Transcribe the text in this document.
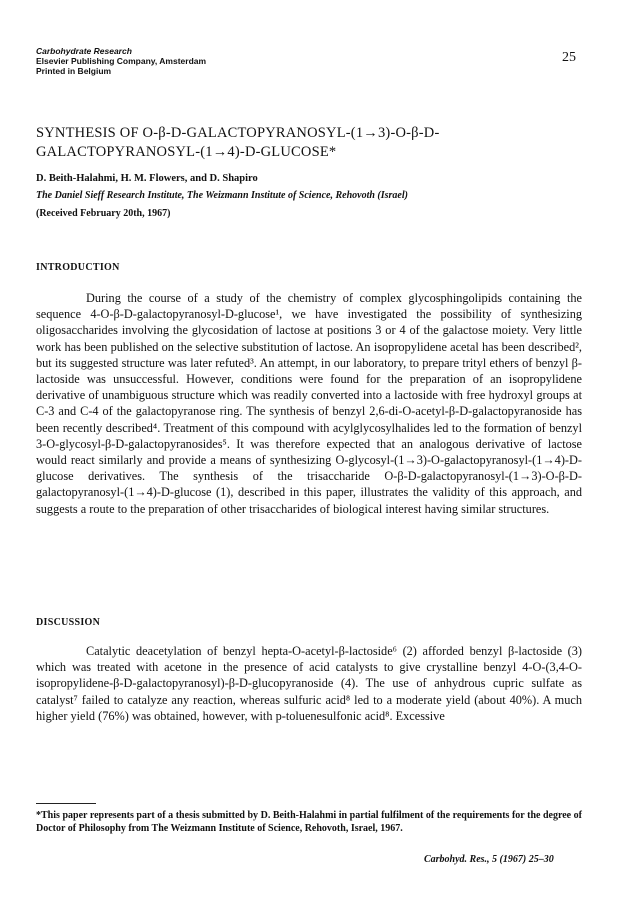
Carbohydrate Research
Elsevier Publishing Company, Amsterdam
Printed in Belgium
25
SYNTHESIS OF O-β-D-GALACTOPYRANOSYL-(1→3)-O-β-D-
GALACTOPYRANOSYL-(1→4)-D-GLUCOSE*
D. Beith-Halahmi, H. M. Flowers, and D. Shapiro
The Daniel Sieff Research Institute, The Weizmann Institute of Science, Rehovoth (Israel)
(Received February 20th, 1967)
INTRODUCTION

During the course of a study of the chemistry of complex glycosphingolipids containing the sequence 4-O-β-D-galactopyranosyl-D-glucose¹, we have investigated the possibility of synthesizing oligosaccharides involving the glycosidation of lactose at positions 3 or 4 of the galactose moiety. Very little work has been published on the selective substitution of lactose. An isopropylidene acetal has been described², but its suggested structure was later refuted³. An attempt, in our laboratory, to prepare trityl ethers of benzyl β-lactoside was unsuccessful. However, conditions were found for the preparation of an isopropylidene derivative of unambiguous structure which was readily converted into a lactoside with free hydroxyl groups at C-3 and C-4 of the galactopyranose ring. The synthesis of benzyl 2,6-di-O-acetyl-β-D-galactopyranoside has been recently described⁴. Treatment of this compound with acylglycosylhalides led to the formation of benzyl 3-O-glycosyl-β-D-galactopyranosides⁵. It was therefore expected that an analogous derivative of lactose would react similarly and provide a means of synthesizing O-glycosyl-(1→3)-O-galactopyranosyl-(1→4)-D-glucose derivatives. The synthesis of the trisaccharide O-β-D-galactopyranosyl-(1→3)-O-β-D-galactopyranosyl-(1→4)-D-glucose (1), described in this paper, illustrates the validity of this approach, and suggests a route to the preparation of other trisaccharides of biological interest having similar structures.

DISCUSSION

Catalytic deacetylation of benzyl hepta-O-acetyl-β-lactoside⁶ (2) afforded benzyl β-lactoside (3) which was treated with acetone in the presence of acid catalysts to give crystalline benzyl 4-O-(3,4-O-isopropylidene-β-D-galactopyranosyl)-β-D-glucopyranoside (4). The use of anhydrous cupric sulfate as catalyst⁷ failed to catalyze any reaction, whereas sulfuric acid⁸ led to a moderate yield (about 40%). A much higher yield (76%) was obtained, however, with p-toluenesulfonic acid⁸. Excessive

*This paper represents part of a thesis submitted by D. Beith-Halahmi in partial fulfilment of the requirements for the degree of Doctor of Philosophy from The Weizmann Institute of Science, Rehovoth, Israel, 1967.
Carbohyd. Res., 5 (1967) 25–30
